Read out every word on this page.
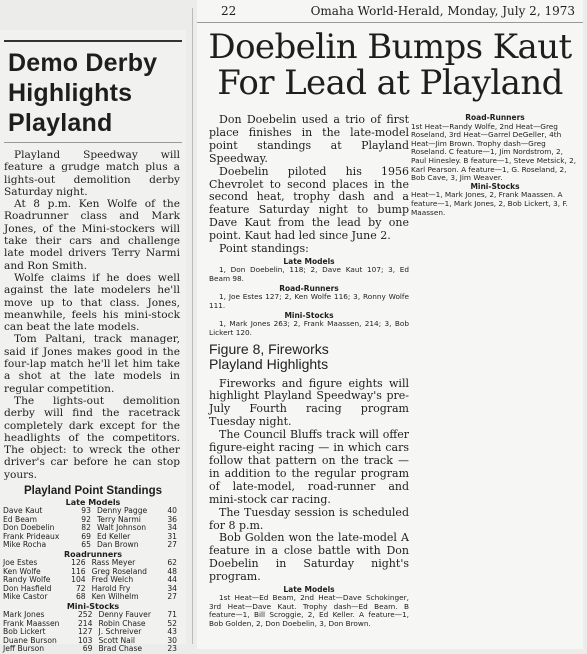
Demo Derby
Highlights
Playland

Playland Speedway will feature a grudge match plus a lights-out demolition derby Saturday night.

At 8 p.m. Ken Wolfe of the Roadrunner class and Mark Jones, of the Mini-stockers will take their cars and challenge late model drivers Terry Narmi and Ron Smith.

Wolfe claims if he does well against the late modelers he'll move up to that class. Jones, meanwhile, feels his mini-stock can beat the late models.

Tom Paltani, track manager, said if Jones makes good in the four-lap match he'll let him take a shot at the late models in regular competition.

The lights-out demolition derby will find the racetrack completely dark except for the headlights of the competitors. The object: to wreck the other driver's car before he can stop yours.

Playland Point Standings
Late Models
Dave Kaut	93	Denny Pagge	40
Ed Beam	92	Terry Narmi	36
Don Doebelin	82	Walt Johnson	34
Frank Prideaux	69	Ed Keller	31
Mike Rocha	65	Dan Brown	27
Roadrunners
Joe Estes	126	Rass Meyer	62
Ken Wolfe	116	Greg Roseland	48
Randy Wolfe	104	Fred Welch	44
Don Hasfield	72	Harold Fry	34
Mike Castor	68	Ken Wilhelm	27
Mini-Stocks
Mark Jones	252	Denny Fauver	71
Frank Maassen	214	Robin Chase	52
Bob Lickert	127	J. Schreiver	43
Duane Burson	103	Scott Nail	30
Jeff Burson	69	Brad Chase	23
22	Omaha World-Herald, Monday, July 2, 1973
Doebelin Bumps Kaut
For Lead at Playland

Don Doebelin used a trio of first place finishes in the late-model point standings at Playland Speedway.

Doebelin piloted his 1956 Chevrolet to second places in the second heat, trophy dash and a feature Saturday night to bump Dave Kaut from the lead by one point. Kaut had led since June 2.

Point standings:

Late Models

1, Don Doebelin, 118; 2, Dave Kaut 107; 3, Ed Beam 98.

Road-Runners

1, Joe Estes 127; 2, Ken Wolfe 116; 3, Ronny Wolfe 111.

Mini-Stocks

1, Mark Jones 263; 2, Frank Maassen, 214; 3, Bob Lickert 120.

Figure 8, Fireworks
Playland Highlights

Fireworks and figure eights will highlight Playland Speedway's pre-July Fourth racing program Tuesday night.

The Council Bluffs track will offer figure-eight racing — in which cars follow that pattern on the track — in addition to the regular program of late-model, road-runner and mini-stock car racing.

The Tuesday session is scheduled for 8 p.m.

Bob Golden won the late-model A feature in a close battle with Don Doebelin in Saturday night's program.

Late Models

1st Heat—Ed Beam, 2nd Heat—Dave Schokinger, 3rd Heat—Dave Kaut. Trophy dash—Ed Beam. B feature—1, Bill Scroggie, 2, Ed Keller. A feature—1, Bob Golden, 2, Don Doebelin, 3, Don Brown.

Road-Runners

1st Heat—Randy Wolfe, 2nd Heat—Greg Roseland, 3rd Heat—Garrel DeGeller, 4th Heat—Jim Brown. Trophy dash—Greg Roseland. C feature—1, Jim Nordstrom, 2, Paul Hinesley. B feature—1, Steve Metsick, 2, Karl Pearson. A feature—1, G. Roseland, 2, Bob Cave, 3, Jim Weaver.

Mini-Stocks

Heat—1, Mark Jones, 2, Frank Maassen. A feature—1, Mark Jones, 2, Bob Lickert, 3, F. Maassen.
